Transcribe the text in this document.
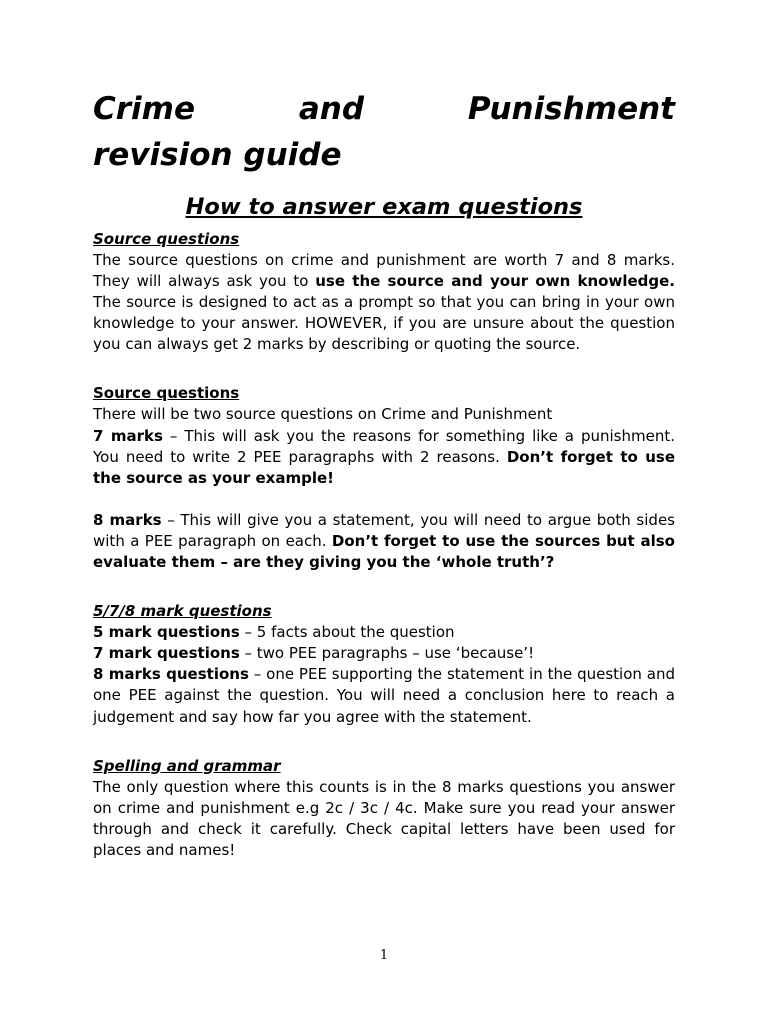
Crime	and	Punishment
revision guide
How to answer exam questions
Source questions

The source questions on crime and punishment are worth 7 and 8 marks. They will always ask you to use the source and your own knowledge. The source is designed to act as a prompt so that you can bring in your own knowledge to your answer. HOWEVER, if you are unsure about the question you can always get 2 marks by describing or quoting the source.

Source questions

There will be two source questions on Crime and Punishment

7 marks – This will ask you the reasons for something like a punishment. You need to write 2 PEE paragraphs with 2 reasons. Don’t forget to use the source as your example!

8 marks – This will give you a statement, you will need to argue both sides with a PEE paragraph on each. Don’t forget to use the sources but also evaluate them – are they giving you the ‘whole truth’?

5/7/8 mark questions

5 mark questions – 5 facts about the question

7 mark questions – two PEE paragraphs – use ‘because’!

8 marks questions – one PEE supporting the statement in the question and one PEE against the question. You will need a conclusion here to reach a judgement and say how far you agree with the statement.

Spelling and grammar

The only question where this counts is in the 8 marks questions you answer on crime and punishment e.g 2c / 3c / 4c. Make sure you read your answer through and check it carefully. Check capital letters have been used for places and names!

1
